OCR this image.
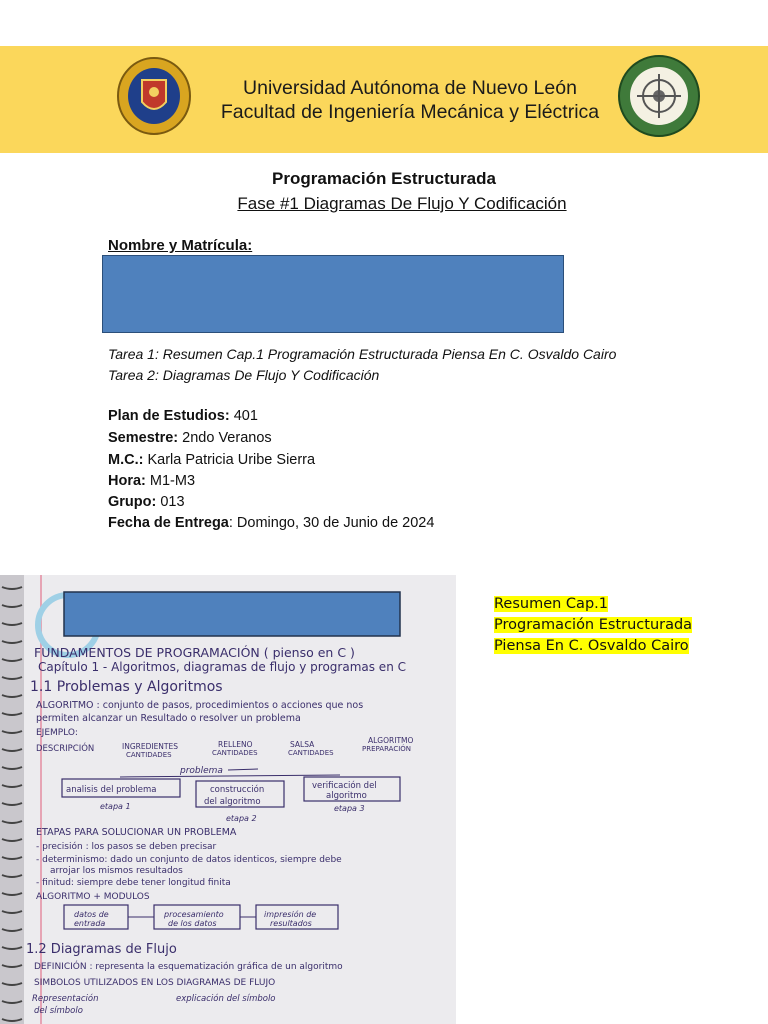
Universidad Autónoma de Nuevo León
Facultad de Ingeniería Mecánica y Eléctrica
Programación Estructurada
Fase #1 Diagramas De Flujo Y Codificación
Nombre y Matrícula:
Tarea 1: Resumen Cap.1 Programación Estructurada Piensa En C. Osvaldo Cairo
Tarea 2: Diagramas De Flujo Y Codificación
Plan de Estudios: 401
Semestre: 2ndo Veranos
M.C.: Karla Patricia Uribe Sierra
Hora: M1-M3
Grupo: 013
Fecha de Entrega: Domingo, 30 de Junio de 2024
FUNDAMENTOS DE PROGRAMACIÓN ( pienso en C )
Capítulo 1 - Algoritmos, diagramas de flujo y programas en C
1.1 Problemas y Algoritmos
ALGORITMO : conjunto de pasos, procedimientos o acciones que nos
permiten alcanzar un Resultado o resolver un problema
EJEMPLO:
DESCRIPCIÓN	INGREDIENTES
CANTIDADES
RELLENO
CANTIDADES
SALSA
CANTIDADES
ALGORITMO
PREPARACIÓN
problema
analisis del problema	construcción
del algoritmo
verificación del
algoritmo
etapa 1
etapa 2
etapa 3
ETAPAS PARA SOLUCIONAR UN PROBLEMA
- precisión : los pasos se deben precisar
- determinismo: dado un conjunto de datos identicos, siempre debe
arrojar los mismos resultados
- finitud: siempre debe tener longitud finita
ALGORITMO + MODULOS
datos de
entrada
procesamiento
de los datos
impresión de
resultados
1.2 Diagramas de Flujo
DEFINICIÓN : representa la esquematización gráfica de un algoritmo
SIMBOLOS UTILIZADOS EN LOS DIAGRAMAS DE FLUJO
Representación
del símbolo
explicación del símbolo
Resumen Cap.1
Programación Estructurada
Piensa En C. Osvaldo Cairo
